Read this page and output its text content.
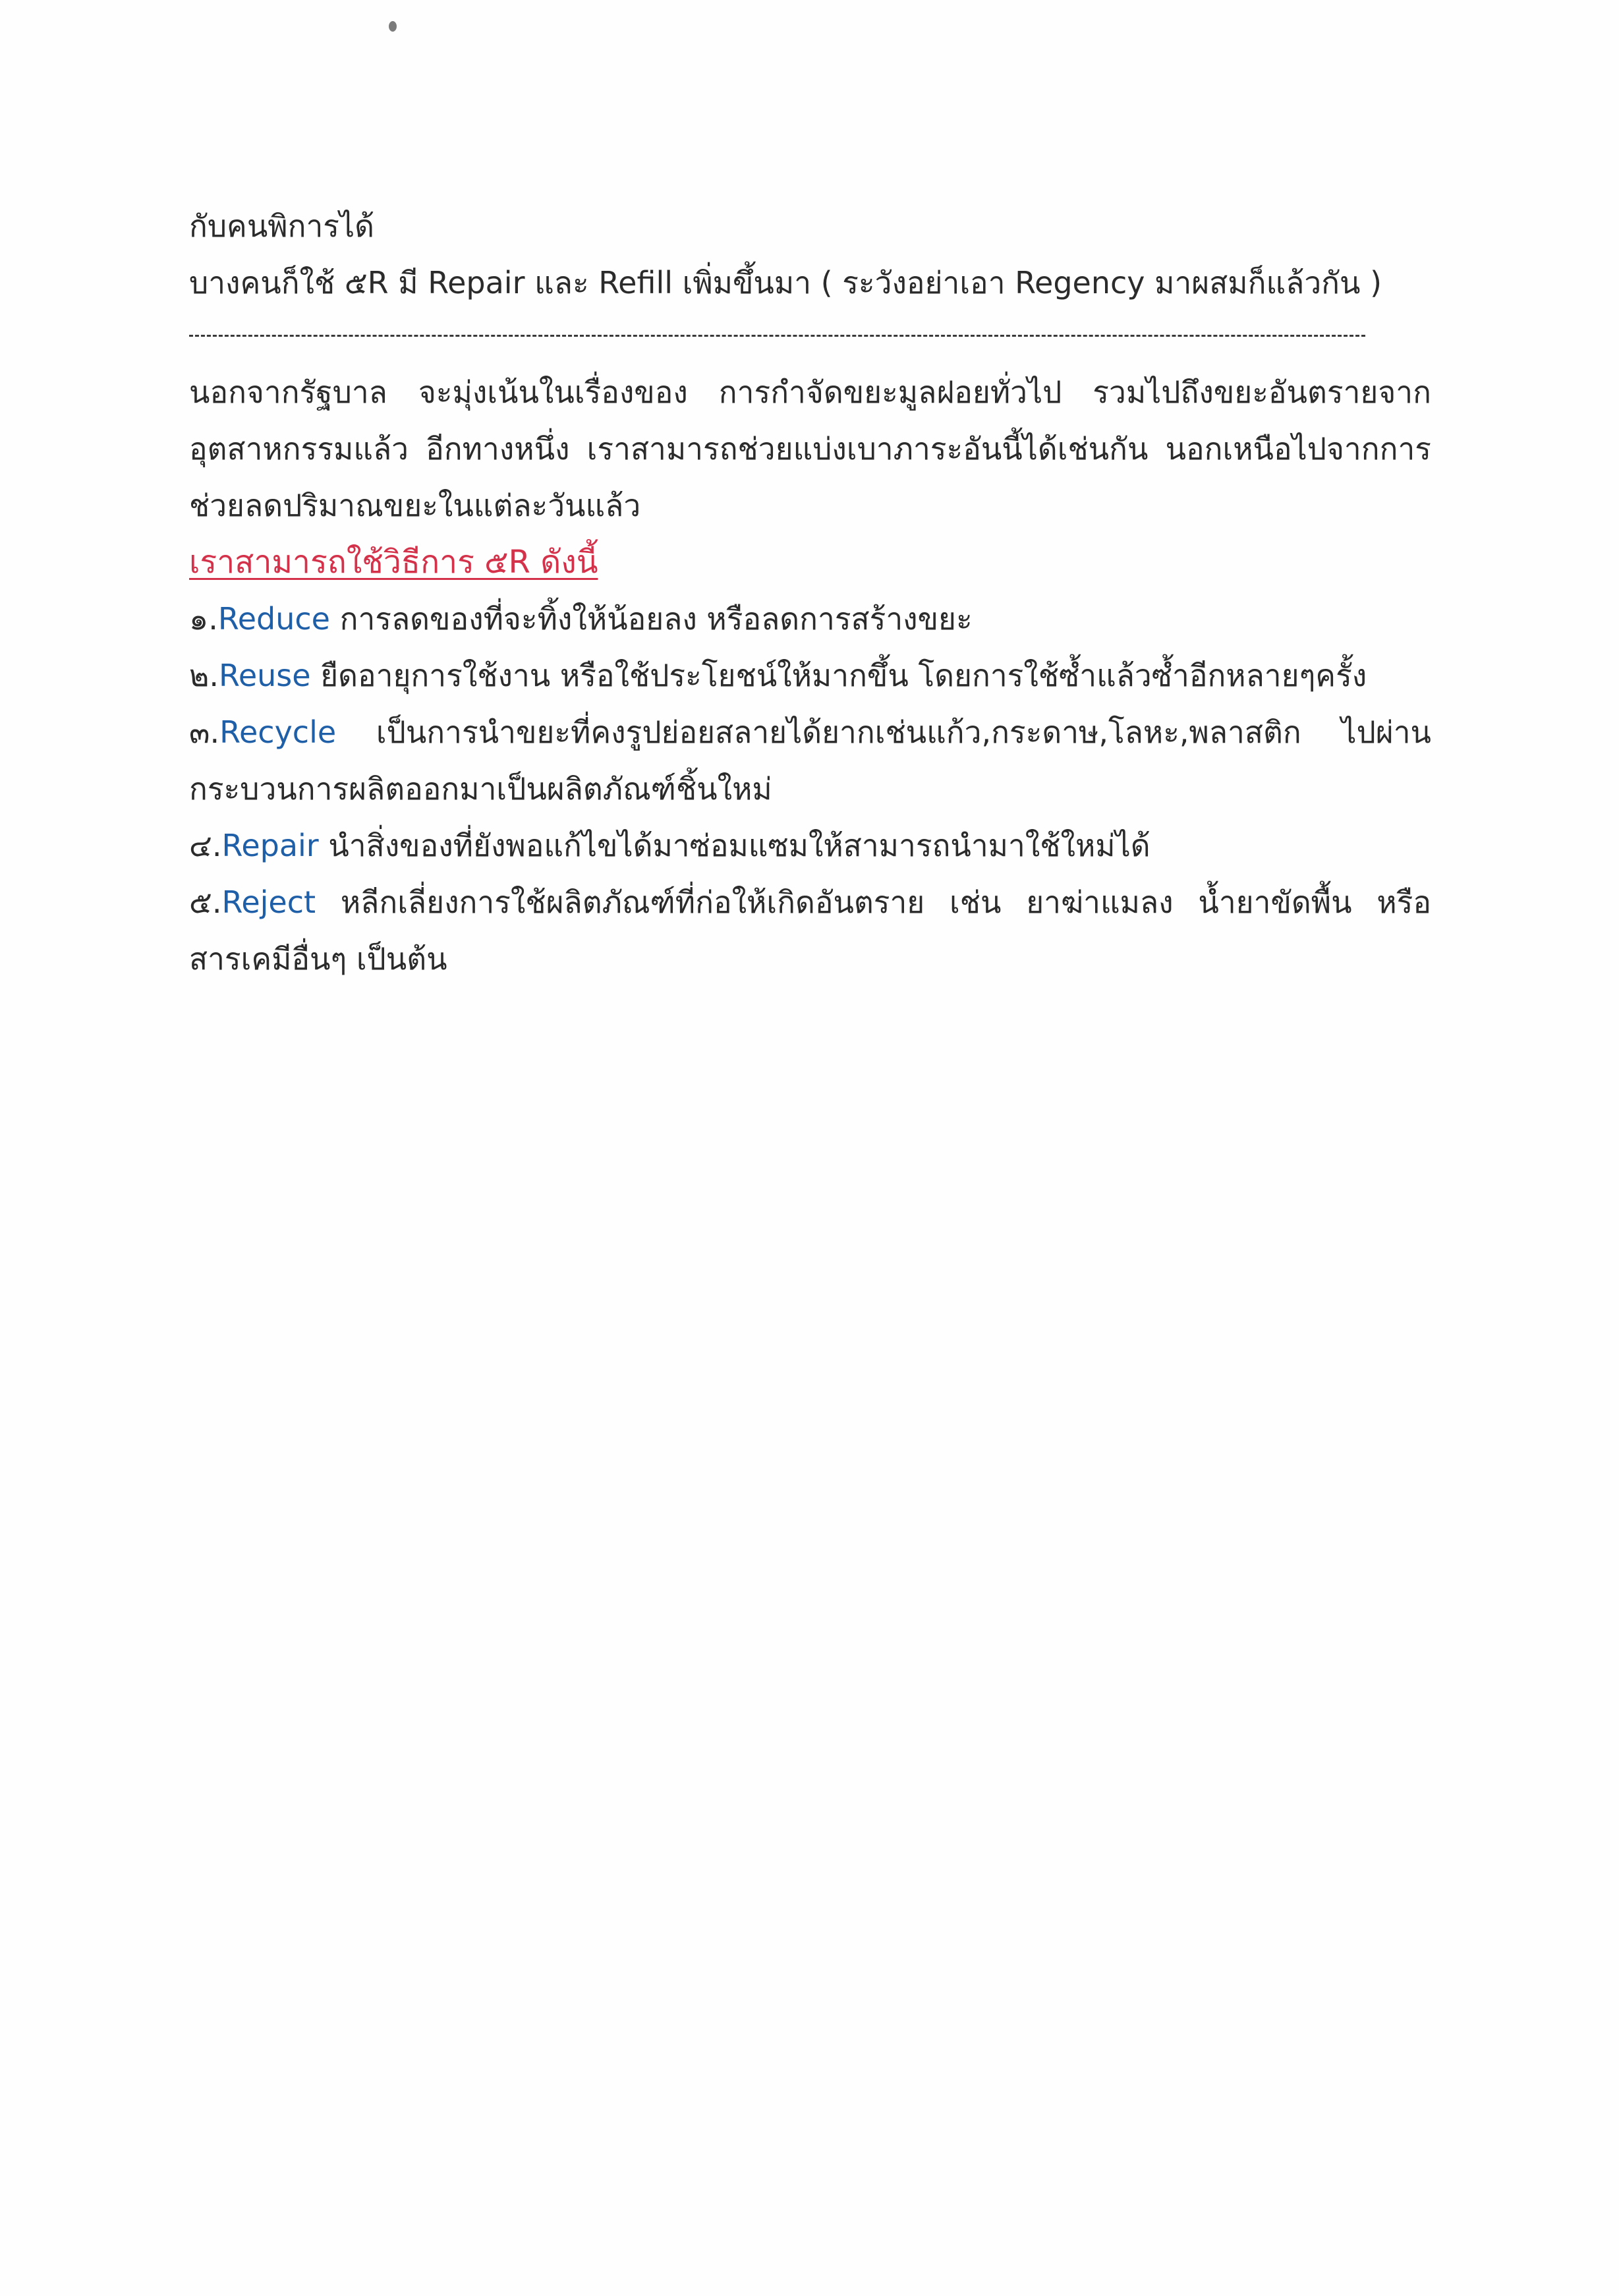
กับคนพิการได้
บางคนก็ใช้ ๕R มี Repair และ Refill เพิ่มขึ้นมา ( ระวังอย่าเอา Regency มาผสมก็แล้วกัน )
นอกจากรัฐบาล จะมุ่งเน้นในเรื่องของ การกำจัดขยะมูลฝอยทั่วไป รวมไปถึงขยะอันตรายจาก
อุตสาหกรรมแล้ว อีกทางหนึ่ง เราสามารถช่วยแบ่งเบาภาระอันนี้ได้เช่นกัน นอกเหนือไปจากการ
ช่วยลดปริมาณขยะในแต่ละวันแล้ว
เราสามารถใช้วิธีการ ๕R ดังนี้
๑.Reduce การลดของที่จะทิ้งให้น้อยลง หรือลดการสร้างขยะ
๒.Reuse ยืดอายุการใช้งาน หรือใช้ประโยชน์ให้มากขึ้น โดยการใช้ซ้ำแล้วซ้ำอีกหลายๆครั้ง
๓.Recycle เป็นการนำขยะที่คงรูปย่อยสลายได้ยากเช่นแก้ว,กระดาษ,โลหะ,พลาสติก ไปผ่าน
กระบวนการผลิตออกมาเป็นผลิตภัณฑ์ชิ้นใหม่
๔.Repair นำสิ่งของที่ยังพอแก้ไขได้มาซ่อมแซมให้สามารถนำมาใช้ใหม่ได้
๕.Reject หลีกเลี่ยงการใช้ผลิตภัณฑ์ที่ก่อให้เกิดอันตราย เช่น ยาฆ่าแมลง น้ำยาขัดพื้น หรือ
สารเคมีอื่นๆ เป็นต้น
